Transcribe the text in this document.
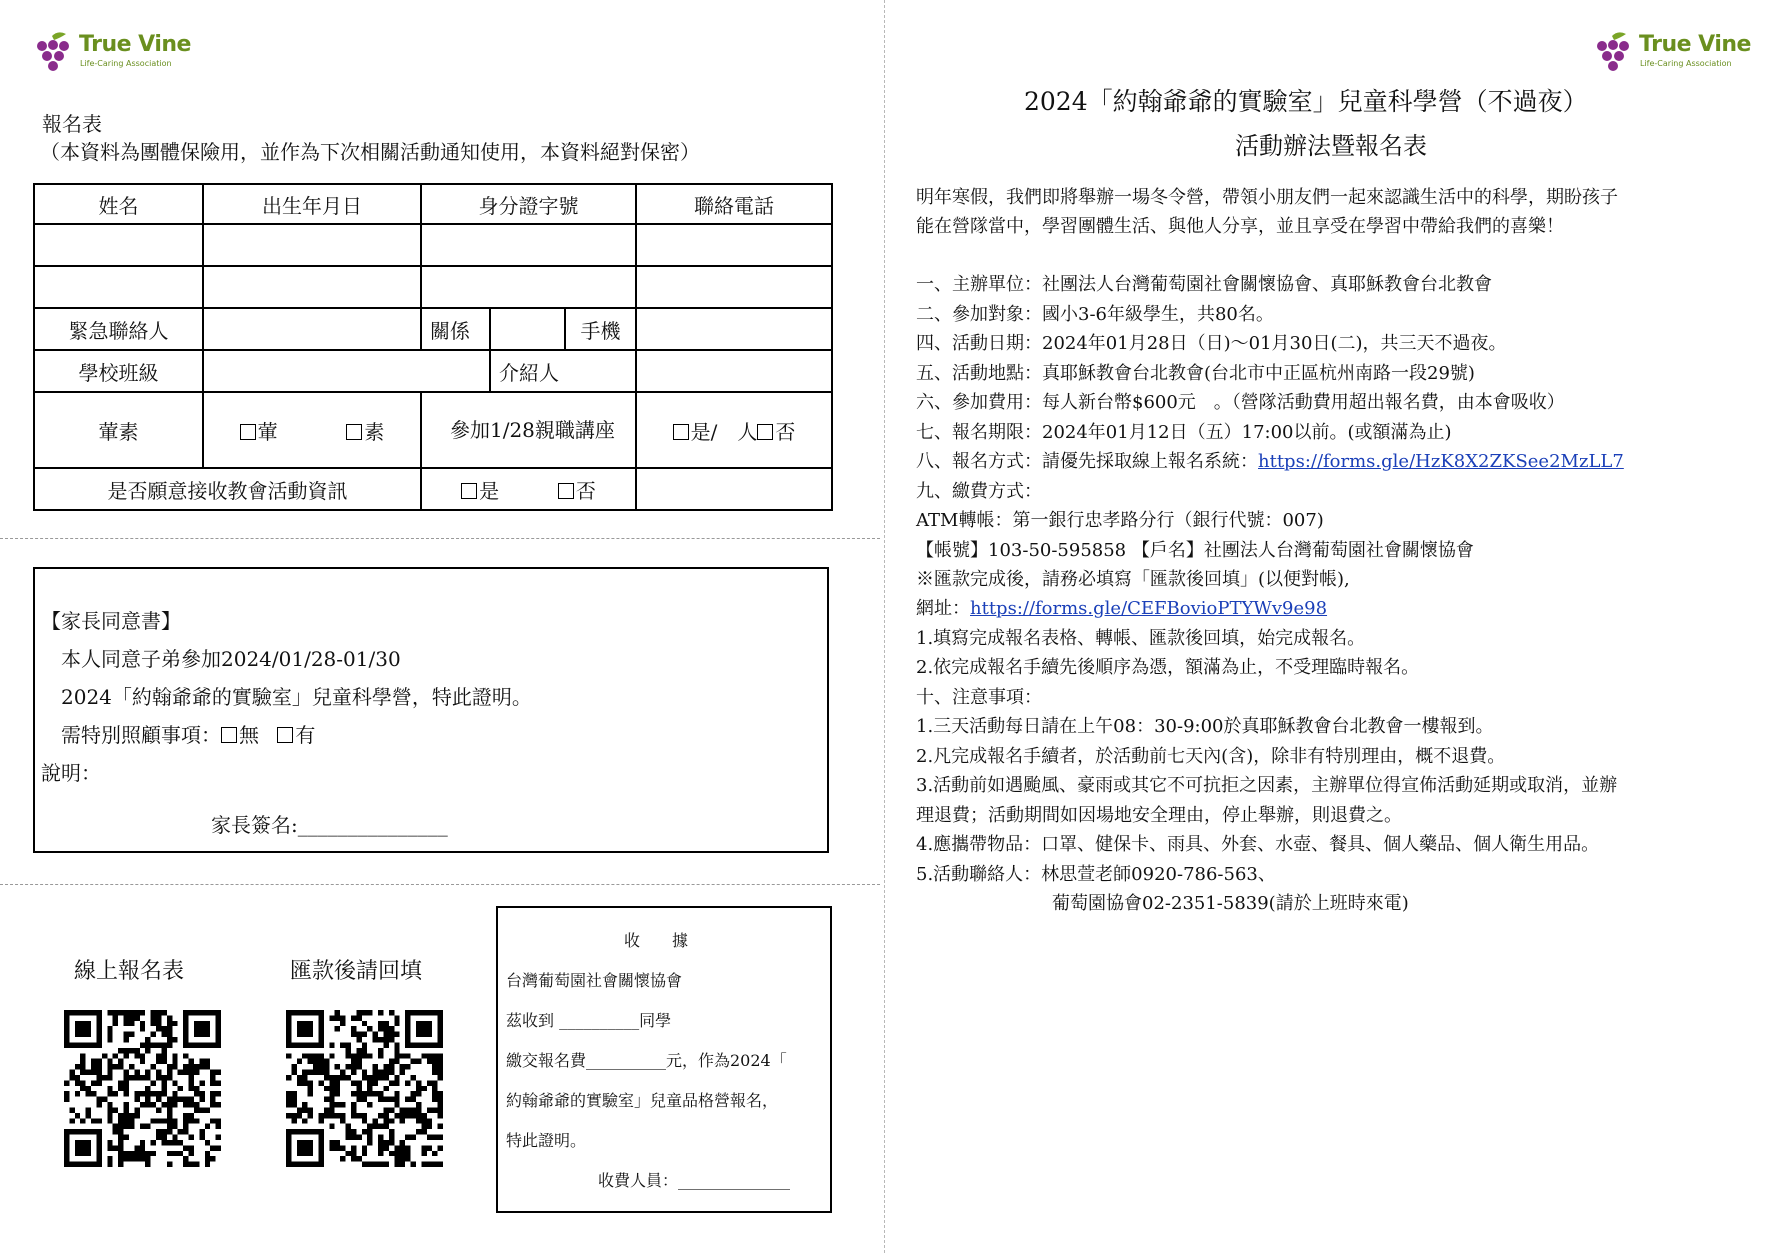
True Vine
Life-Caring Association
True Vine
Life-Caring Association
報名表
（本資料為團體保險用，並作為下次相關活動通知使用，本資料絕對保密）
姓名	出生年月日	身分證字號			聯絡電話

緊急聯絡人		關係		手機	
學校班級			介紹人		
葷素	葷 素	參加1/28親職講座			是/　人 否
是否願意接收教會活動資訊		是 否			
【家長同意書】
本人同意子弟參加2024/01/28-01/30
2024「約翰爺爺的實驗室」兒童科學營，特此證明。
需特別照顧事項： 無 有
說明：
家長簽名:_______________
線上報名表	匯款後請回填
收　　據
台灣葡萄園社會關懷協會
茲收到 __________同學
繳交報名費__________元，作為2024「
約翰爺爺的實驗室」兒童品格營報名，
特此證明。
收費人員：______________
2024「約翰爺爺的實驗室」兒童科學營（不過夜）
活動辦法暨報名表
明年寒假，我們即將舉辦一場冬令營，帶領小朋友們一起來認識生活中的科學，期盼孩子
能在營隊當中，學習團體生活、與他人分享，並且享受在學習中帶給我們的喜樂！
一、主辦單位：社團法人台灣葡萄園社會關懷協會、真耶穌教會台北教會
二、參加對象：國小3-6年級學生，共80名。
四、活動日期：2024年01月28日（日)～01月30日(二)，共三天不過夜。
五、活動地點：真耶穌教會台北教會(台北市中正區杭州南路一段29號)
六、參加費用：每人新台幣$600元　。（營隊活動費用超出報名費，由本會吸收）
七、報名期限：2024年01月12日（五）17:00以前。(或額滿為止)
八、報名方式：請優先採取線上報名系統：https://forms.gle/HzK8X2ZKSee2MzLL7
九、繳費方式：
ATM轉帳：第一銀行忠孝路分行（銀行代號：007)
【帳號】103-50-595858 【戶名】社團法人台灣葡萄園社會關懷協會
※匯款完成後，請務必填寫「匯款後回填」(以便對帳),
網址：https://forms.gle/CEFBovioPTYWv9e98
1.填寫完成報名表格、轉帳、匯款後回填，始完成報名。
2.依完成報名手續先後順序為憑，額滿為止，不受理臨時報名。
十、注意事項：
1.三天活動每日請在上午08：30-9:00於真耶穌教會台北教會一樓報到。
2.凡完成報名手續者，於活動前七天內(含)，除非有特別理由，概不退費。
3.活動前如遇颱風、豪雨或其它不可抗拒之因素，主辦單位得宣佈活動延期或取消，並辦
理退費；活動期間如因場地安全理由，停止舉辦，則退費之。
4.應攜帶物品：口罩、健保卡、雨具、外套、水壺、餐具、個人藥品、個人衛生用品。
5.活動聯絡人：林思萱老師0920-786-563、
葡萄園協會02-2351-5839(請於上班時來電)
